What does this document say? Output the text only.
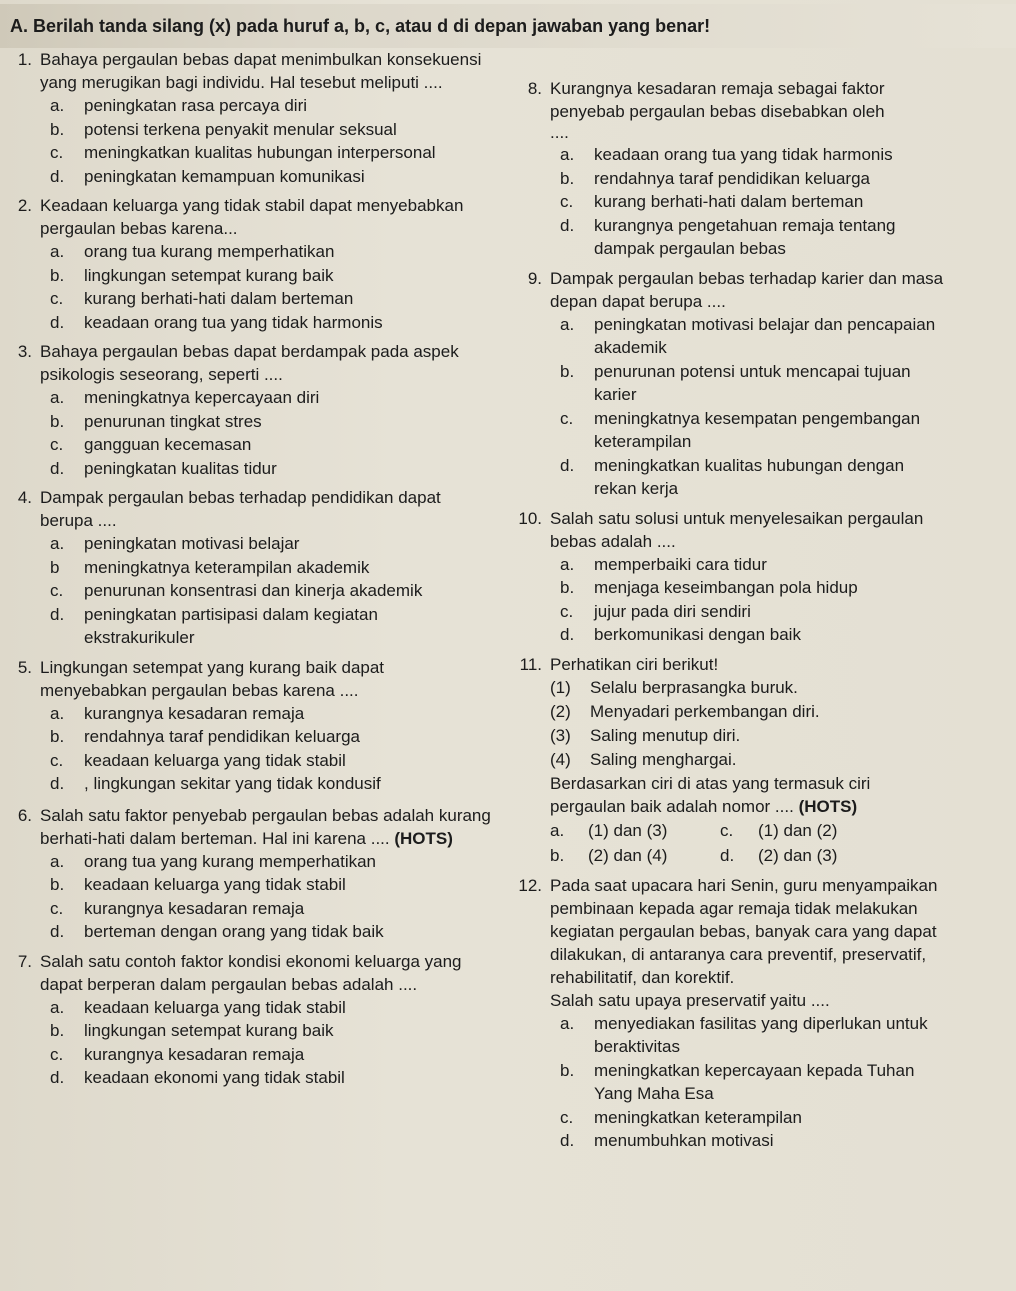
A. Berilah tanda silang (x) pada huruf a, b, c, atau d di depan jawaban yang benar!
1. Bahaya pergaulan bebas dapat menimbulkan konsekuensi yang merugikan bagi individu. Hal tesebut meliputi ....
a.	peningkatan rasa percaya diri
b.	potensi terkena penyakit menular seksual
c.	meningkatkan kualitas hubungan interpersonal
d.	peningkatan kemampuan komunikasi
2. Keadaan keluarga yang tidak stabil dapat menyebabkan pergaulan bebas karena...
a.	orang tua kurang memperhatikan
b.	lingkungan setempat kurang baik
c.	kurang berhati-hati dalam berteman
d.	keadaan orang tua yang tidak harmonis
3. Bahaya pergaulan bebas dapat berdampak pada aspek psikologis seseorang, seperti ....
a.	meningkatnya kepercayaan diri
b.	penurunan tingkat stres
c.	gangguan kecemasan
d.	peningkatan kualitas tidur
4. Dampak pergaulan bebas terhadap pendidikan dapat berupa ....
a.	peningkatan motivasi belajar
b	meningkatnya keterampilan akademik
c.	penurunan konsentrasi dan kinerja akademik
d.	peningkatan partisipasi dalam kegiatan ekstrakurikuler
5. Lingkungan setempat yang kurang baik dapat menyebabkan pergaulan bebas karena ....
a.	kurangnya kesadaran remaja
b.	rendahnya taraf pendidikan keluarga
c.	keadaan keluarga yang tidak stabil
d.	, lingkungan sekitar yang tidak kondusif
6. Salah satu faktor penyebab pergaulan bebas adalah kurang berhati-hati dalam berteman. Hal ini karena .... (HOTS)
a.	orang tua yang kurang memperhatikan
b.	keadaan keluarga yang tidak stabil
c.	kurangnya kesadaran remaja
d.	berteman dengan orang yang tidak baik
7. Salah satu contoh faktor kondisi ekonomi keluarga yang dapat berperan dalam pergaulan bebas adalah ....
a.	keadaan keluarga yang tidak stabil
b.	lingkungan setempat kurang baik
c.	kurangnya kesadaran remaja
d.	keadaan ekonomi yang tidak stabil
8. Kurangnya kesadaran remaja sebagai faktor penyebab pergaulan bebas disebabkan oleh
....
a.	keadaan orang tua yang tidak harmonis
b.	rendahnya taraf pendidikan keluarga
c.	kurang berhati-hati dalam berteman
d.	kurangnya pengetahuan remaja tentang dampak pergaulan bebas
9. Dampak pergaulan bebas terhadap karier dan masa depan dapat berupa ....
a.	peningkatan motivasi belajar dan pencapaian akademik
b.	penurunan potensi untuk mencapai tujuan karier
c.	meningkatnya kesempatan pengembangan keterampilan
d.	meningkatkan kualitas hubungan dengan rekan kerja
10. Salah satu solusi untuk menyelesaikan pergaulan bebas adalah ....
a.	memperbaiki cara tidur
b.	menjaga keseimbangan pola hidup
c.	jujur pada diri sendiri
d.	berkomunikasi dengan baik
11. Perhatikan ciri berikut!
(1)	Selalu berprasangka buruk.
(2)	Menyadari perkembangan diri.
(3)	Saling menutup diri.
(4)	Saling menghargai.
Berdasarkan ciri di atas yang termasuk ciri pergaulan baik adalah nomor .... (HOTS)
a.	(1) dan (3)	c.	(1) dan (2)
b.	(2) dan (4)	d.	(2) dan (3)
12. Pada saat upacara hari Senin, guru menyampaikan pembinaan kepada agar remaja tidak melakukan kegiatan pergaulan bebas, banyak cara yang dapat dilakukan, di antaranya cara preventif, preservatif, rehabilitatif, dan korektif.
Salah satu upaya preservatif yaitu ....
a.	menyediakan fasilitas yang diperlukan untuk beraktivitas
b.	meningkatkan kepercayaan kepada Tuhan Yang Maha Esa
c.	meningkatkan keterampilan
d.	menumbuhkan motivasi
